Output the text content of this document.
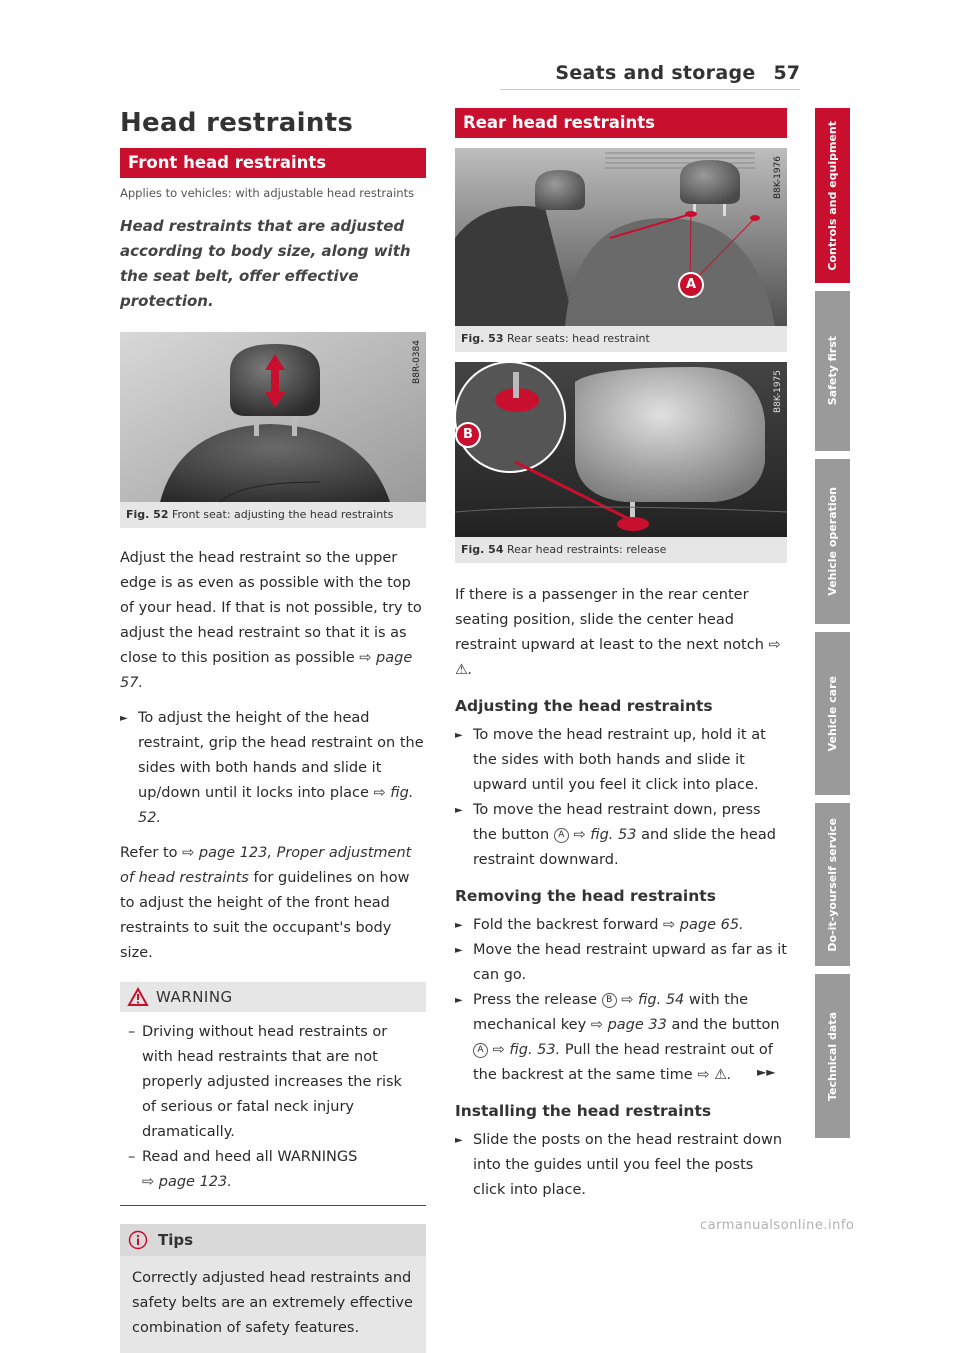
Seats and storage 57
Head restraints
Front head restraints
Applies to vehicles: with adjustable head restraints
Head restraints that are adjusted according to body size, along with the seat belt, offer effective protection.
B8R-0384
Fig. 52 Front seat: adjusting the head restraints
Adjust the head restraint so the upper edge is as even as possible with the top of your head. If that is not possible, try to adjust the head restraint so that it is as close to this position as possible ⇨ page 57.
► To adjust the height of the head restraint, grip the head restraint on the sides with both hands and slide it up/down until it locks into place ⇨ fig. 52.
Refer to ⇨ page 123, Proper adjustment of head restraints for guidelines on how to adjust the height of the front head restraints to suit the occupant's body size.
WARNING
– Driving without head restraints or with head restraints that are not properly adjusted increases the risk of serious or fatal neck injury dramatically.
– Read and heed all WARNINGS
⇨ page 123.
Tips
Correctly adjusted head restraints and safety belts are an extremely effective combination of safety features.
Rear head restraints
A
B8K-1976
Fig. 53 Rear seats: head restraint
B
B8K-1975
Fig. 54 Rear head restraints: release
If there is a passenger in the rear center seating position, slide the center head restraint upward at least to the next notch ⇨ ⚠.
Adjusting the head restraints
► To move the head restraint up, hold it at the sides with both hands and slide it upward until you feel it click into place.
► To move the head restraint down, press the button A ⇨ fig. 53 and slide the head restraint downward.
Removing the head restraints
► Fold the backrest forward ⇨ page 65.
► Move the head restraint upward as far as it can go.
► Press the release B ⇨ fig. 54 with the mechanical key ⇨ page 33 and the button A ⇨ fig. 53. Pull the head restraint out of the backrest at the same time ⇨ ⚠.
Installing the head restraints
► Slide the posts on the head restraint down into the guides until you feel the posts click into place.
►►
Controls and equipment
Safety first
Vehicle operation
Vehicle care
Do-it-yourself service
Technical data
carmanualsonline.info
